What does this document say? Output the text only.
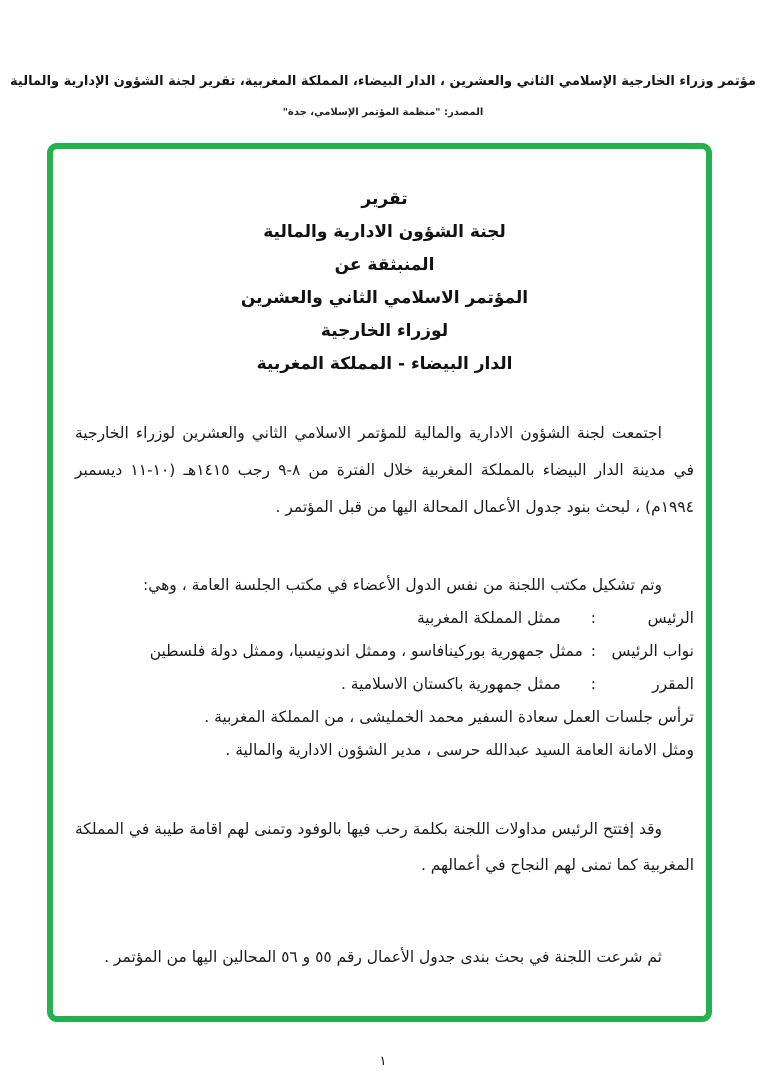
مؤتمر وزراء الخارجية الإسلامي الثاني والعشرين ، الدار البيضاء، المملكة المغربية، تقرير لجنة الشؤون الإدارية والمالية
المصدر: "منظمة المؤتمر الإسلامي، جدة"
تقرير
لجنة الشؤون الادارية والمالية
المنبثقة عن
المؤتمر الاسلامي الثاني والعشرين
لوزراء الخارجية
الدار البيضاء - المملكة المغربية

اجتمعت لجنة الشؤون الادارية والمالية للمؤتمر الاسلامي الثاني والعشرين لوزراء الخارجية في مدينة الدار البيضاء بالمملكة المغربية خلال الفترة من ٨-٩ رجب ١٤١٥هـ (١٠-١١ ديسمبر ١٩٩٤م) ، لبحث بنود جدول الأعمال المحالة اليها من قبل المؤتمر .

وتم تشكيل مكتب اللجنة من نفس الدول الأعضاء في مكتب الجلسة العامة ، وهي:

الرئيس:ممثل المملكة المغربية
نواب الرئيس:ممثل جمهورية بوركينافاسو ، وممثل اندونيسيا، وممثل دولة فلسطين
المقرر:ممثل جمهورية باكستان الاسلامية .
ترأس جلسات العمل سعادة السفير محمد الخمليشى ، من المملكة المغربية .
ومثل الامانة العامة السيد عبدالله حرسى ، مدير الشؤون الادارية والمالية .

وقد إفتتح الرئيس مداولات اللجنة بكلمة رحب فيها بالوفود وتمنى لهم اقامة طيبة في المملكة المغربية كما تمنى لهم النجاح في أعمالهم .

ثم شرعت اللجنة في بحث بندى جدول الأعمال رقم ٥٥ و ٥٦ المحالين اليها من المؤتمر .

١
